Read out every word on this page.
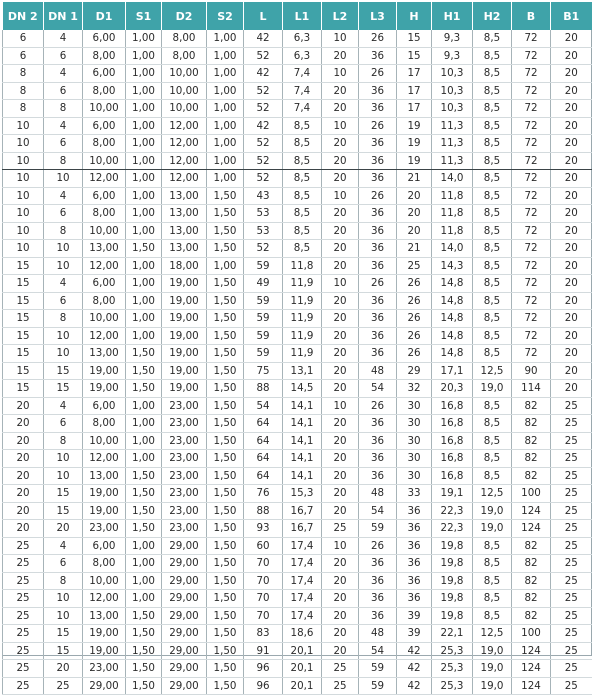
DN 2	DN 1	D1	S1	D2	S2	L	L1	L2	L3	H	H1	H2	B	B1
6	4	6,00	1,00	8,00	1,00	42	6,3	10	26	15	9,3	8,5	72	20
6	6	8,00	1,00	8,00	1,00	52	6,3	20	36	15	9,3	8,5	72	20
8	4	6,00	1,00	10,00	1,00	42	7,4	10	26	17	10,3	8,5	72	20
8	6	8,00	1,00	10,00	1,00	52	7,4	20	36	17	10,3	8,5	72	20
8	8	10,00	1,00	10,00	1,00	52	7,4	20	36	17	10,3	8,5	72	20
10	4	6,00	1,00	12,00	1,00	42	8,5	10	26	19	11,3	8,5	72	20
10	6	8,00	1,00	12,00	1,00	52	8,5	20	36	19	11,3	8,5	72	20
10	8	10,00	1,00	12,00	1,00	52	8,5	20	36	19	11,3	8,5	72	20
10	10	12,00	1,00	12,00	1,00	52	8,5	20	36	21	14,0	8,5	72	20
10	4	6,00	1,00	13,00	1,50	43	8,5	10	26	20	11,8	8,5	72	20
10	6	8,00	1,00	13,00	1,50	53	8,5	20	36	20	11,8	8,5	72	20
10	8	10,00	1,00	13,00	1,50	53	8,5	20	36	20	11,8	8,5	72	20
10	10	13,00	1,50	13,00	1,50	52	8,5	20	36	21	14,0	8,5	72	20
15	10	12,00	1,00	18,00	1,00	59	11,8	20	36	25	14,3	8,5	72	20
15	4	6,00	1,00	19,00	1,50	49	11,9	10	26	26	14,8	8,5	72	20
15	6	8,00	1,00	19,00	1,50	59	11,9	20	36	26	14,8	8,5	72	20
15	8	10,00	1,00	19,00	1,50	59	11,9	20	36	26	14,8	8,5	72	20
15	10	12,00	1,00	19,00	1,50	59	11,9	20	36	26	14,8	8,5	72	20
15	10	13,00	1,50	19,00	1,50	59	11,9	20	36	26	14,8	8,5	72	20
15	15	19,00	1,50	19,00	1,50	75	13,1	20	48	29	17,1	12,5	90	20
15	15	19,00	1,50	19,00	1,50	88	14,5	20	54	32	20,3	19,0	114	20
20	4	6,00	1,00	23,00	1,50	54	14,1	10	26	30	16,8	8,5	82	25
20	6	8,00	1,00	23,00	1,50	64	14,1	20	36	30	16,8	8,5	82	25
20	8	10,00	1,00	23,00	1,50	64	14,1	20	36	30	16,8	8,5	82	25
20	10	12,00	1,00	23,00	1,50	64	14,1	20	36	30	16,8	8,5	82	25
20	10	13,00	1,50	23,00	1,50	64	14,1	20	36	30	16,8	8,5	82	25
20	15	19,00	1,50	23,00	1,50	76	15,3	20	48	33	19,1	12,5	100	25
20	15	19,00	1,50	23,00	1,50	88	16,7	20	54	36	22,3	19,0	124	25
20	20	23,00	1,50	23,00	1,50	93	16,7	25	59	36	22,3	19,0	124	25
25	4	6,00	1,00	29,00	1,50	60	17,4	10	26	36	19,8	8,5	82	25
25	6	8,00	1,00	29,00	1,50	70	17,4	20	36	36	19,8	8,5	82	25
25	8	10,00	1,00	29,00	1,50	70	17,4	20	36	36	19,8	8,5	82	25
25	10	12,00	1,00	29,00	1,50	70	17,4	20	36	36	19,8	8,5	82	25
25	10	13,00	1,50	29,00	1,50	70	17,4	20	36	39	19,8	8,5	82	25
25	15	19,00	1,50	29,00	1,50	83	18,6	20	48	39	22,1	12,5	100	25
25	15	19,00	1,50	29,00	1,50	91	20,1	20	54	42	25,3	19,0	124	25
25	20	23,00	1,50	29,00	1,50	96	20,1	25	59	42	25,3	19,0	124	25
25	25	29,00	1,50	29,00	1,50	96	20,1	25	59	42	25,3	19,0	124	25
